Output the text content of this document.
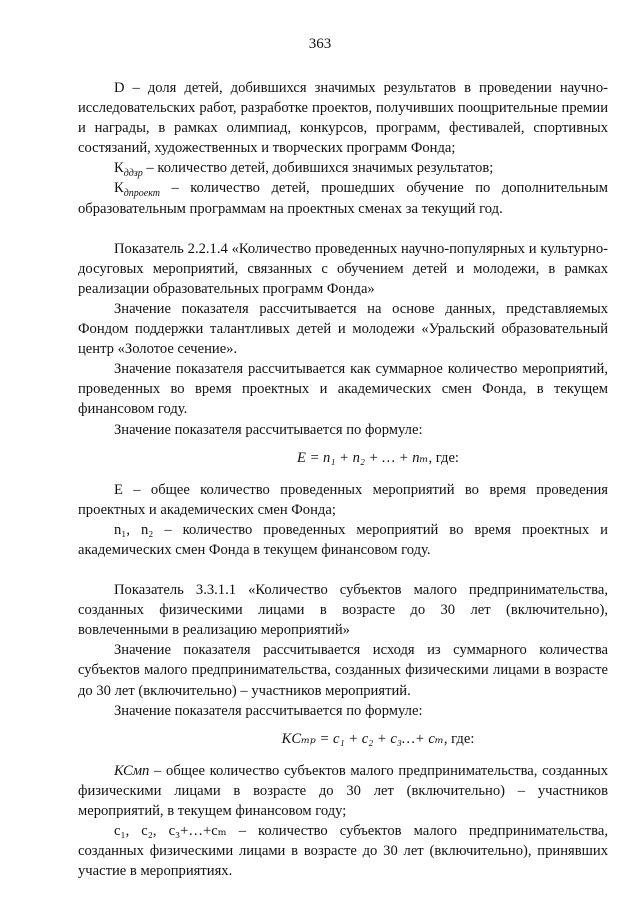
363

D – доля детей, добившихся значимых результатов в проведении научно-исследовательских работ, разработке проектов, получивших поощрительные премии и награды, в рамках олимпиад, конкурсов, программ, фестивалей, спортивных состязаний, художественных и творческих программ Фонда;

$К_{ддзр}$ – количество детей, добившихся значимых результатов;

$К_{дпроект}$ – количество детей, прошедших обучение по дополнительным образовательным программам на проектных сменах за текущий год.

Показатель 2.2.1.4 «Количество проведенных научно-популярных и культурно-досуговых мероприятий, связанных с обучением детей и молодежи, в рамках реализации образовательных программ Фонда»

Значение показателя рассчитывается на основе данных, представляемых Фондом поддержки талантливых детей и молодежи «Уральский образовательный центр «Золотое сечение».

Значение показателя рассчитывается как суммарное количество мероприятий, проведенных во время проектных и академических смен Фонда, в текущем финансовом году.

Значение показателя рассчитывается по формуле:

E = n₁ + n₂ + … + nₘ, где:

Е – общее количество проведенных мероприятий во время проведения проектных и академических смен Фонда;

n₁, n₂ – количество проведенных мероприятий во время проектных и академических смен Фонда в текущем финансовом году.

Показатель 3.3.1.1 «Количество субъектов малого предпринимательства, созданных физическими лицами в возрасте до 30 лет (включительно), вовлеченными в реализацию мероприятий»

Значение показателя рассчитывается исходя из суммарного количества субъектов малого предпринимательства, созданных физическими лицами в возрасте до 30 лет (включительно) – участников мероприятий.

Значение показателя рассчитывается по формуле:

KCₘₚ = c₁ + c₂ + c₃…+ cₘ, где:

КСмп – общее количество субъектов малого предпринимательства, созданных физическими лицами в возрасте до 30 лет (включительно) – участников мероприятий, в текущем финансовом году;

c₁, c₂, c₃+…+cₘ – количество субъектов малого предпринимательства, созданных физическими лицами в возрасте до 30 лет (включительно), принявших участие в мероприятиях.
